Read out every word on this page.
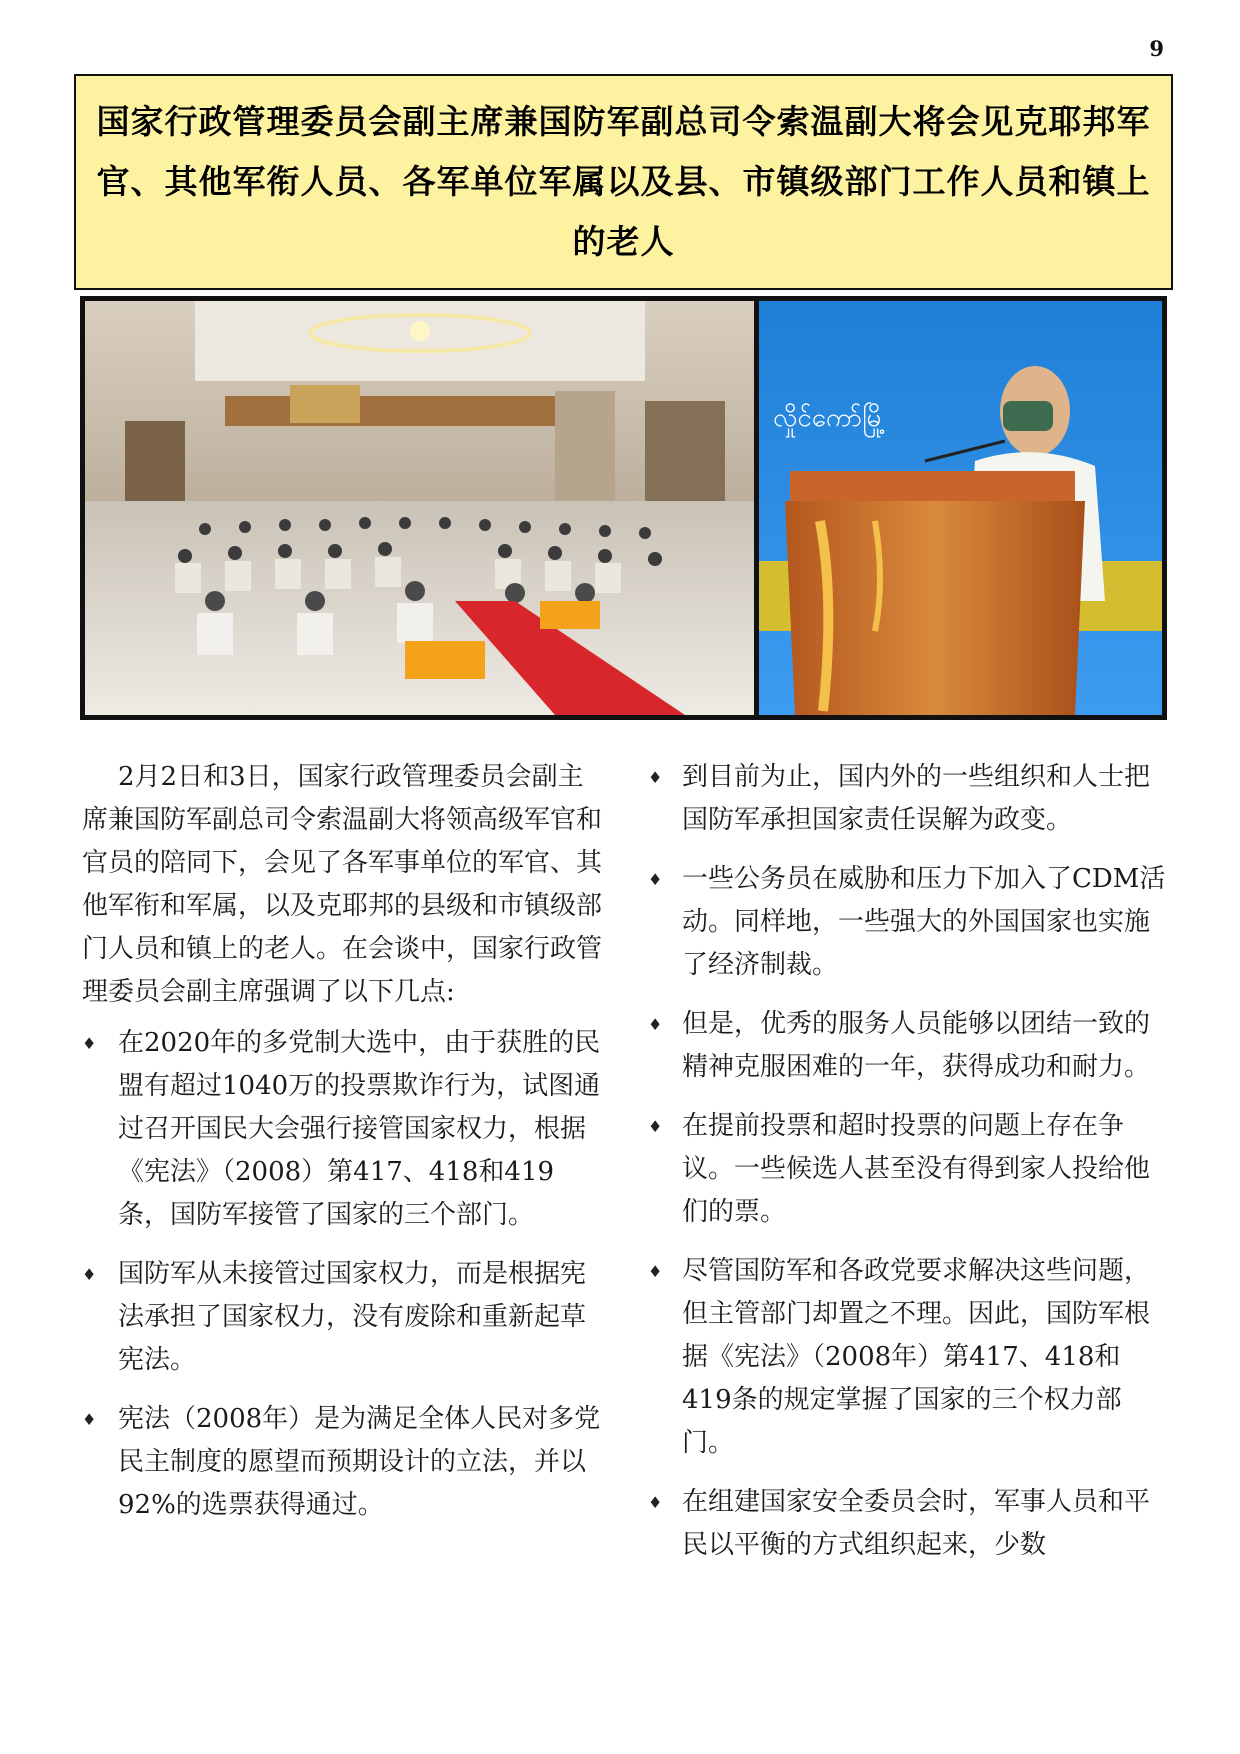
9
国家行政管理委员会副主席兼国防军副总司令索温副大将会见克耶邦军官、其他军衔人员、各军单位军属以及县、市镇级部门工作人员和镇上的老人
လှိုင်ကော်မြို့

2月2日和3日，国家行政管理委员会副主席兼国防军副总司令索温副大将领高级军官和官员的陪同下，会见了各军事单位的军官、其他军衔和军属，以及克耶邦的县级和市镇级部门人员和镇上的老人。在会谈中，国家行政管理委员会副主席强调了以下几点:

♦ 在2020年的多党制大选中，由于获胜的民盟有超过1040万的投票欺诈行为，试图通过召开国民大会强行接管国家权力，根据《宪法》（2008）第417、418和419条，国防军接管了国家的三个部门。

♦ 国防军从未接管过国家权力，而是根据宪法承担了国家权力，没有废除和重新起草宪法。

♦ 宪法（2008年）是为满足全体人民对多党民主制度的愿望而预期设计的立法，并以92%的选票获得通过。

♦ 到目前为止，国内外的一些组织和人士把国防军承担国家责任误解为政变。

♦ 一些公务员在威胁和压力下加入了CDM活动。同样地，一些强大的外国国家也实施了经济制裁。

♦ 但是，优秀的服务人员能够以团结一致的精神克服困难的一年，获得成功和耐力。

♦ 在提前投票和超时投票的问题上存在争议。一些候选人甚至没有得到家人投给他们的票。

♦ 尽管国防军和各政党要求解决这些问题，但主管部门却置之不理。因此，国防军根据《宪法》（2008年）第417、418和419条的规定掌握了国家的三个权力部门。

♦ 在组建国家安全委员会时，军事人员和平民以平衡的方式组织起来，少数
